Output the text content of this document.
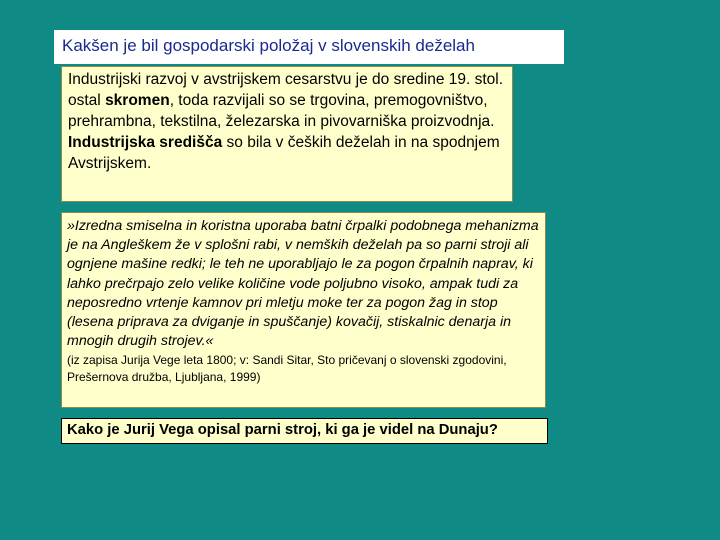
Kakšen je bil gospodarski položaj v slovenskih deželah

Industrijski razvoj v avstrijskem cesarstvu je do sredine 19. stol. ostal skromen, toda razvijali so se trgovina, premogovništvo, prehrambna, tekstilna, železarska in pivovarniška proizvodnja.

Industrijska središča so bila v čeških deželah in na spodnjem Avstrijskem.

»Izredna smiselna in koristna uporaba batni črpalki podobnega mehanizma je na Angleškem že v splošni rabi, v nemških deželah pa so parni stroji ali ognjene mašine redki; le teh ne uporabljajo le za pogon črpalnih naprav, ki lahko prečrpajo zelo velike količine vode poljubno visoko, ampak tudi za neposredno vrtenje kamnov pri mletju moke ter za pogon žag in stop (lesena priprava za dviganje in spuščanje) kovačij, stiskalnic denarja in mnogih drugih strojev.«

(iz zapisa Jurija Vege leta 1800; v: Sandi Sitar, Sto pričevanj o slovenski zgodovini, Prešernova družba, Ljubljana, 1999)

Kako je Jurij Vega opisal parni stroj, ki ga je videl na Dunaju?
